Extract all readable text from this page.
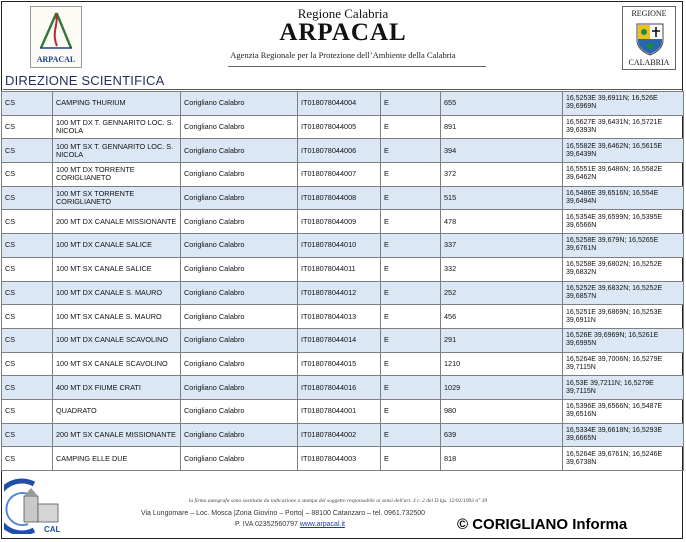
ARPACAL
Regione Calabria
ARPACAL
Agenzia Regionale per la Protezione dell’Ambiente della Calabria
REGIONE
CALABRIA
DIREZIONE SCIENTIFICA
CS	CAMPING THURIUM	Corigliano Calabro	IT018078044004	E	655	16,5253E 39,6911N; 16,526E 39,6969N
CS	100 MT DX T. GENNARITO LOC. S. NICOLA	Corigliano Calabro	IT018078044005	E	891	16,5627E 39,6431N; 16,5721E 39,6393N
CS	100 MT SX T. GENNARITO LOC. S. NICOLA	Corigliano Calabro	IT018078044006	E	394	16,5582E 39,6462N; 16,5615E 39,6439N
CS	100 MT DX TORRENTE CORIGLIANETO	Corigliano Calabro	IT018078044007	E	372	16,5551E 39,6486N; 16,5582E 39,6462N
CS	100 MT SX TORRENTE CORIGLIANETO	Corigliano Calabro	IT018078044008	E	515	16,5486E 39,6516N; 16,554E 39,6494N
CS	200 MT DX CANALE MISSIONANTE	Corigliano Calabro	IT018078044009	E	478	16,5354E 39,6599N; 16,5395E 39,6566N
CS	100 MT DX CANALE SALICE	Corigliano Calabro	IT018078044010	E	337	16,5258E 39,679N; 16,5265E 39,6761N
CS	100 MT SX CANALE SALICE	Corigliano Calabro	IT018078044011	E	332	16,5258E 39,6802N; 16,5252E 39,6832N
CS	100 MT DX CANALE S. MAURO	Corigliano Calabro	IT018078044012	E	252	16,5252E 39,6832N; 16,5252E 39,6857N
CS	100 MT SX CANALE S. MAURO	Corigliano Calabro	IT018078044013	E	456	16,5251E 39,6869N; 16,5253E 39,6911N
CS	100 MT DX CANALE SCAVOLINO	Corigliano Calabro	IT018078044014	E	291	16,526E 39,6969N; 16,5261E 39,6995N
CS	100 MT SX CANALE SCAVOLINO	Corigliano Calabro	IT018078044015	E	1210	16,5264E 39,7006N; 16,5279E 39,7115N
CS	400 MT DX FIUME CRATI	Corigliano Calabro	IT018078044016	E	1029	16,53E 39,7211N; 16,5279E 39,7115N
CS	QUADRATO	Corigliano Calabro	IT018078044001	E	980	16,5396E 39,6566N; 16,5487E 39,6516N
CS	200 MT SX CANALE MISSIONANTE	Corigliano Calabro	IT018078044002	E	639	16,5334E 39,6618N; 16,5293E 39,6665N
CS	CAMPING ELLE DUE	Corigliano Calabro	IT018078044003	E	818	16,5264E 39,6761N; 16,5246E 39,6738N
CAL
la firma autografa sono sostituite da indicazione a stampa del soggetto responsabile ai sensi dell'art. 3 c. 2 del D.lgs. 12/02/1993 n° 39
Via Lungomare – Loc. Mosca |Zona Giovino – Porto| – 88100 Catanzaro – tel. 0961.732500
P. IVA 02352560797 www.arpacal.it	© CORIGLIANO Informa
